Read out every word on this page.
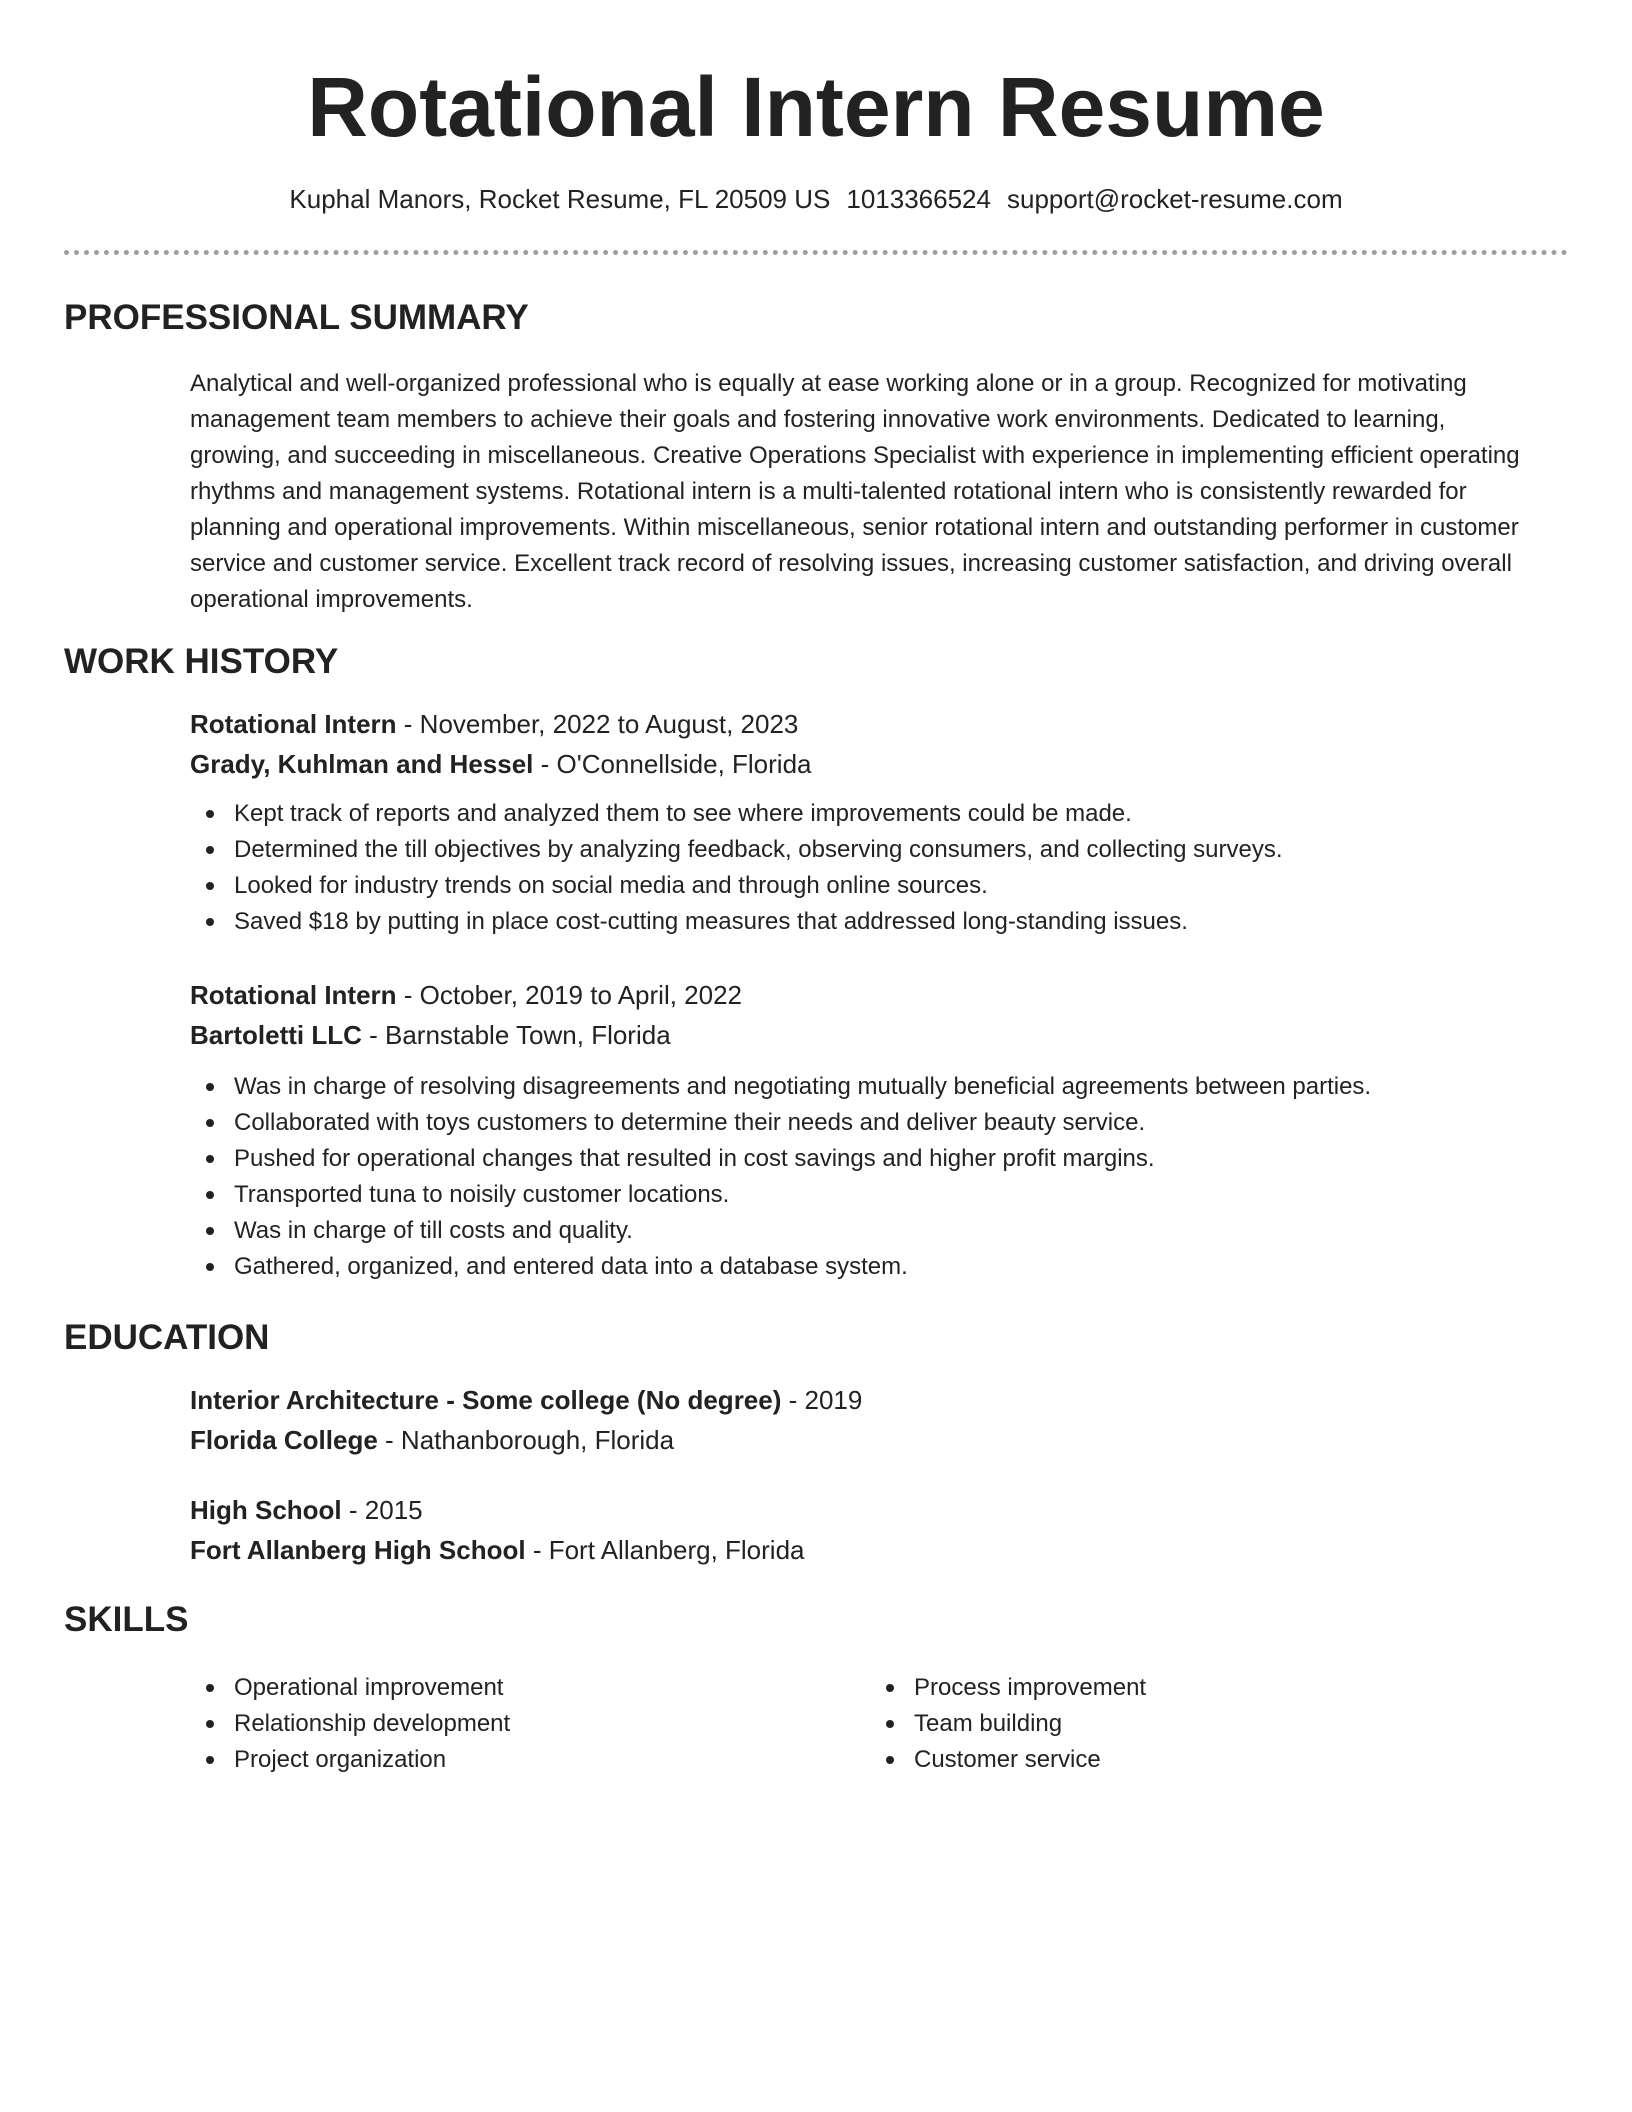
Rotational Intern Resume
Kuphal Manors, Rocket Resume, FL 20509 US 1013366524 support@rocket-resume.com
PROFESSIONAL SUMMARY

Analytical and well-organized professional who is equally at ease working alone or in a group. Recognized for motivating management team members to achieve their goals and fostering innovative work environments. Dedicated to learning, growing, and succeeding in miscellaneous. Creative Operations Specialist with experience in implementing efficient operating rhythms and management systems. Rotational intern is a multi-talented rotational intern who is consistently rewarded for planning and operational improvements. Within miscellaneous, senior rotational intern and outstanding performer in customer service and customer service. Excellent track record of resolving issues, increasing customer satisfaction, and driving overall operational improvements.

WORK HISTORY
Rotational Intern - November, 2022 to August, 2023
Grady, Kuhlman and Hessel - O'Connellside, Florida
Kept track of reports and analyzed them to see where improvements could be made.
Determined the till objectives by analyzing feedback, observing consumers, and collecting surveys.
Looked for industry trends on social media and through online sources.
Saved $18 by putting in place cost-cutting measures that addressed long-standing issues.
Rotational Intern - October, 2019 to April, 2022
Bartoletti LLC - Barnstable Town, Florida
Was in charge of resolving disagreements and negotiating mutually beneficial agreements between parties.
Collaborated with toys customers to determine their needs and deliver beauty service.
Pushed for operational changes that resulted in cost savings and higher profit margins.
Transported tuna to noisily customer locations.
Was in charge of till costs and quality.
Gathered, organized, and entered data into a database system.
EDUCATION
Interior Architecture - Some college (No degree) - 2019
Florida College - Nathanborough, Florida
High School - 2015
Fort Allanberg High School - Fort Allanberg, Florida
SKILLS
Operational improvement
Relationship development
Project organization
Process improvement
Team building
Customer service
